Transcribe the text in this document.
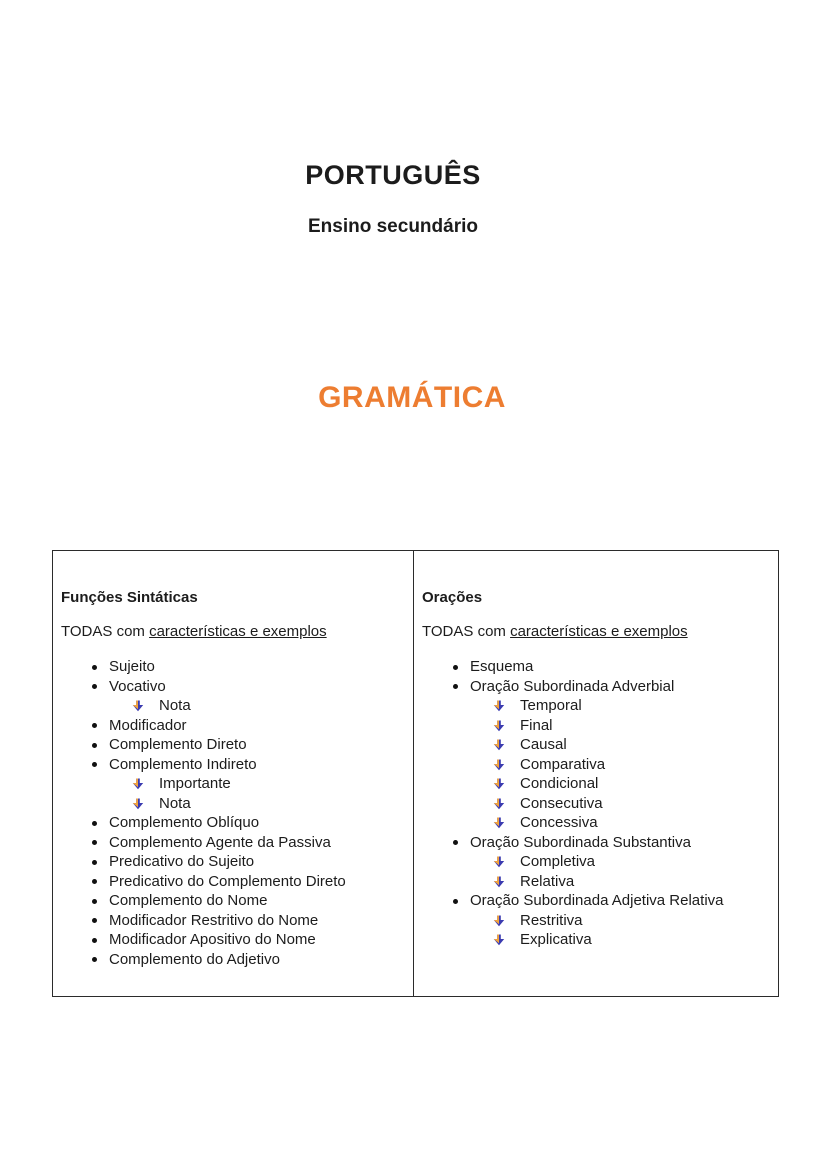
PORTUGUÊS
Ensino secundário
GRAMÁTICA
Funções Sintáticas
TODAS com características e exemplos
Sujeito
Vocativo
Nota
Modificador
Complemento Direto
Complemento Indireto
Importante
Nota
Complemento Oblíquo
Complemento Agente da Passiva
Predicativo do Sujeito
Predicativo do Complemento Direto
Complemento do Nome
Modificador Restritivo do Nome
Modificador Apositivo do Nome
Complemento do Adjetivo
Orações
TODAS com características e exemplos
Esquema
Oração Subordinada Adverbial
Temporal
Final
Causal
Comparativa
Condicional
Consecutiva
Concessiva
Oração Subordinada Substantiva
Completiva
Relativa
Oração Subordinada Adjetiva Relativa
Restritiva
Explicativa
